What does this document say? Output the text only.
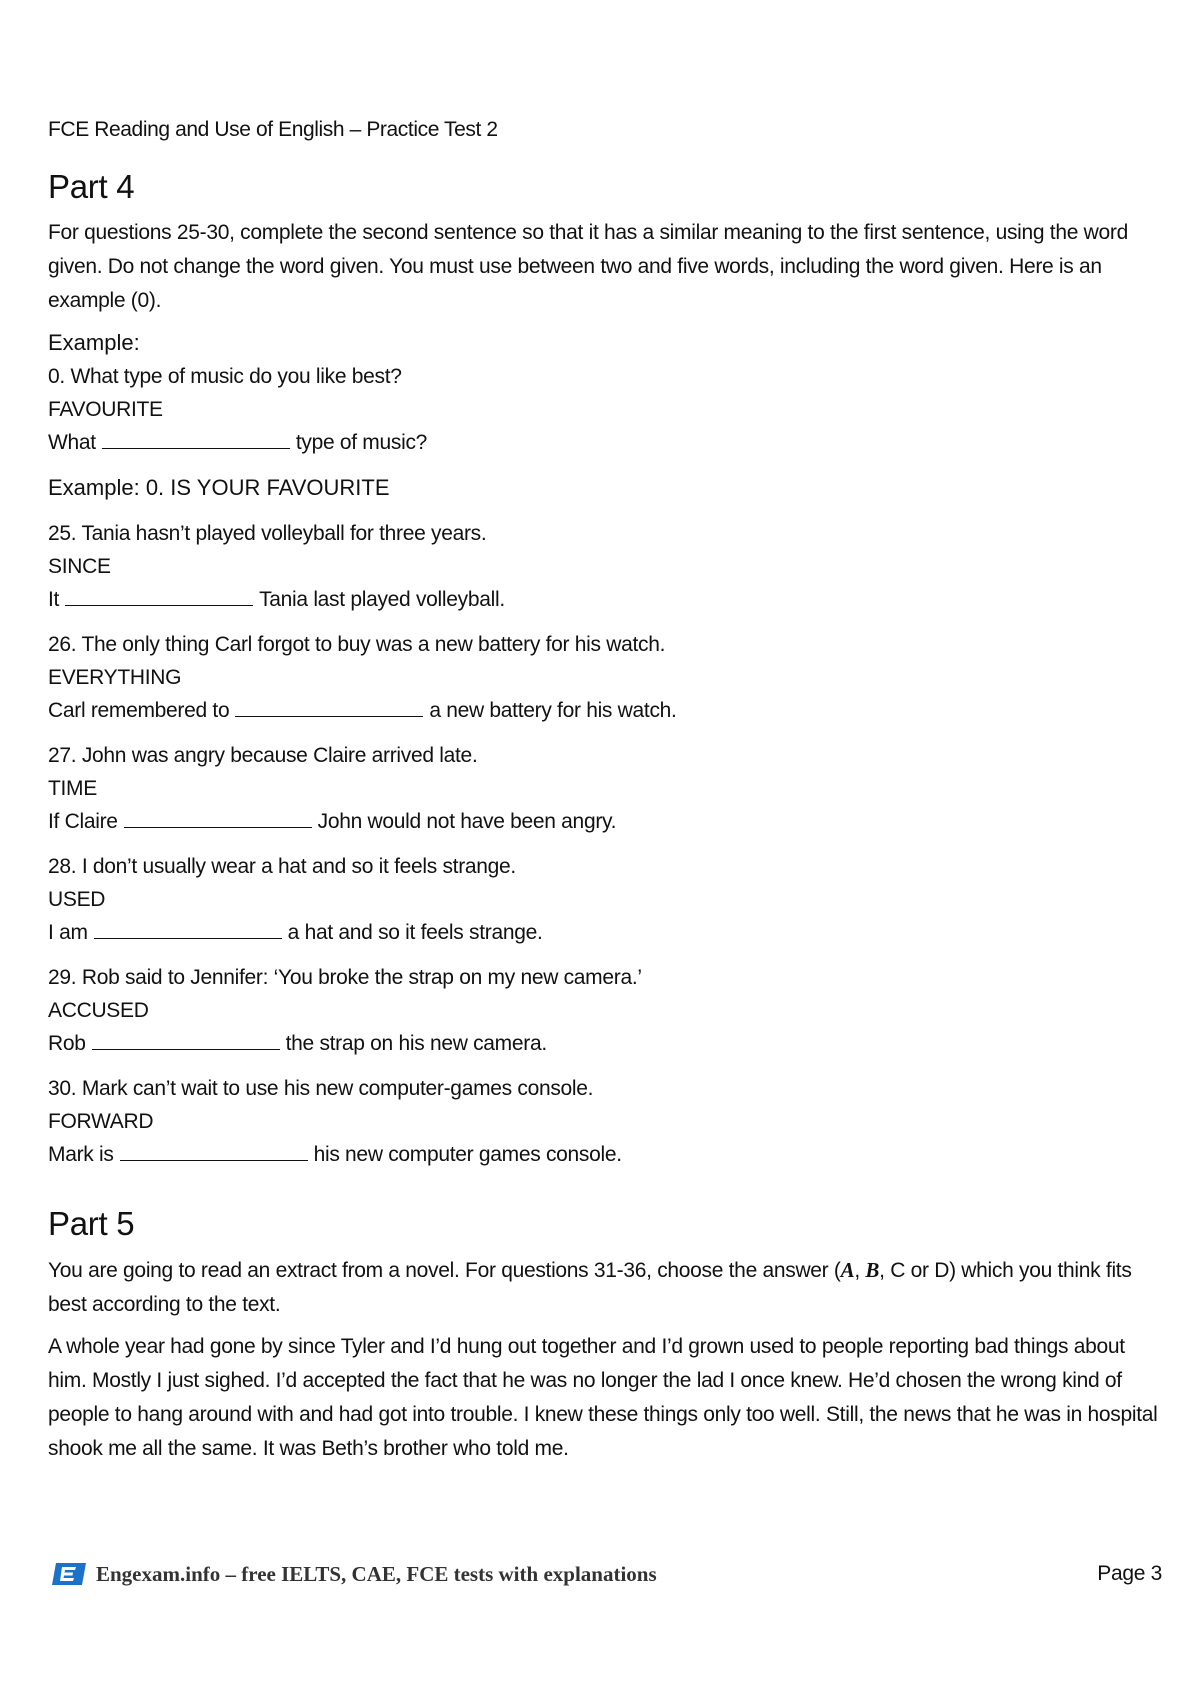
FCE Reading and Use of English – Practice Test 2
Part 4

For questions 25-30, complete the second sentence so that it has a similar meaning to the first sentence, using the word given. Do not change the word given. You must use between two and five words, including the word given. Here is an example (0).

Example:
0. What type of music do you like best?
FAVOURITE
What	type of music?
Example: 0. IS YOUR FAVOURITE
25. Tania hasn’t played volleyball for three years.
SINCE
It	Tania last played volleyball.
26. The only thing Carl forgot to buy was a new battery for his watch.
EVERYTHING
Carl remembered to	a new battery for his watch.
27. John was angry because Claire arrived late.
TIME
If Claire	John would not have been angry.
28. I don’t usually wear a hat and so it feels strange.
USED
I am	a hat and so it feels strange.
29. Rob said to Jennifer: ‘You broke the strap on my new camera.’
ACCUSED
Rob	the strap on his new camera.
30. Mark can’t wait to use his new computer-games console.
FORWARD
Mark is	his new computer games console.
Part 5

You are going to read an extract from a novel. For questions 31-36, choose the answer (A, B, C or D) which you think fits best according to the text.

A whole year had gone by since Tyler and I’d hung out together and I’d grown used to people reporting bad things about him. Mostly I just sighed. I’d accepted the fact that he was no longer the lad I once knew. He’d chosen the wrong kind of people to hang around with and had got into trouble. I knew these things only too well. Still, the news that he was in hospital shook me all the same. It was Beth’s brother who told me.

Engexam.info – free IELTS, CAE, FCE tests with explanations	Page 3
